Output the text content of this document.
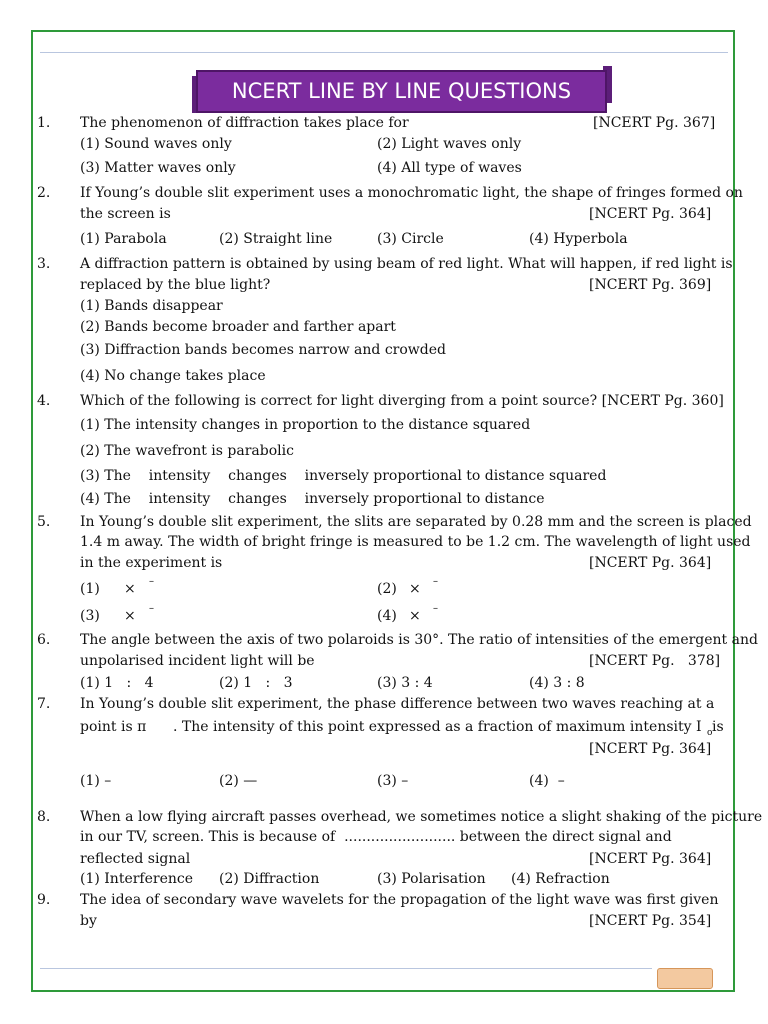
NCERT LINE BY LINE QUESTIONS
1. The phenomenon of diffraction takes place for	[NCERT Pg. 367]
(1) Sound waves only	(2) Light waves only
(3) Matter waves only	(4) All type of waves
2. If Young’s double slit experiment uses a monochromatic light, the shape of fringes formed on
the screen is	[NCERT Pg. 364]
(1) Parabola	(2) Straight line	(3) Circle	(4) Hyperbola
3. A diffraction pattern is obtained by using beam of red light. What will happen, if red light is
replaced by the blue light?	[NCERT Pg. 369]
(1) Bands disappear
(2) Bands become broader and farther apart
(3) Diffraction bands becomes narrow and crowded
(4) No change takes place
4. Which of the following is correct for light diverging from a point source? [NCERT Pg. 360]
(1) The intensity changes in proportion to the distance squared
(2) The wavefront is parabolic
(3) The    intensity    changes    inversely proportional to distance squared
(4) The    intensity    changes    inversely proportional to distance
5. In Young’s double slit experiment, the slits are separated by 0.28 mm and the screen is placed
1.4 m away. The width of bright fringe is measured to be 1.2 cm. The wavelength of light used
in the experiment is	[NCERT Pg. 364]
(1) × –	(2) × –
(3) × –	(4) × –
6. The angle between the axis of two polaroids is 30°. The ratio of intensities of the emergent and
unpolarised incident light will be	[NCERT Pg.   378]
(1) 1   :   4	(2) 1   :   3	(3) 3 : 4	(4) 3 : 8
7. In Young’s double slit experiment, the phase difference between two waves reaching at a
point is π      . The intensity of this point expressed as a fraction of maximum intensity I o is
[NCERT Pg. 364]
(1) –	(2) —	(3) –	(4)  –
8. When a low flying aircraft passes overhead, we sometimes notice a slight shaking of the picture
in our TV, screen. This is because of  ......................... between the direct signal and
reflected signal	[NCERT Pg. 364]
(1) Interference (2) Diffraction	(3) Polarisation (4) Refraction
9. The idea of secondary wave wavelets for the propagation of the light wave was first given
by	[NCERT Pg. 354]
